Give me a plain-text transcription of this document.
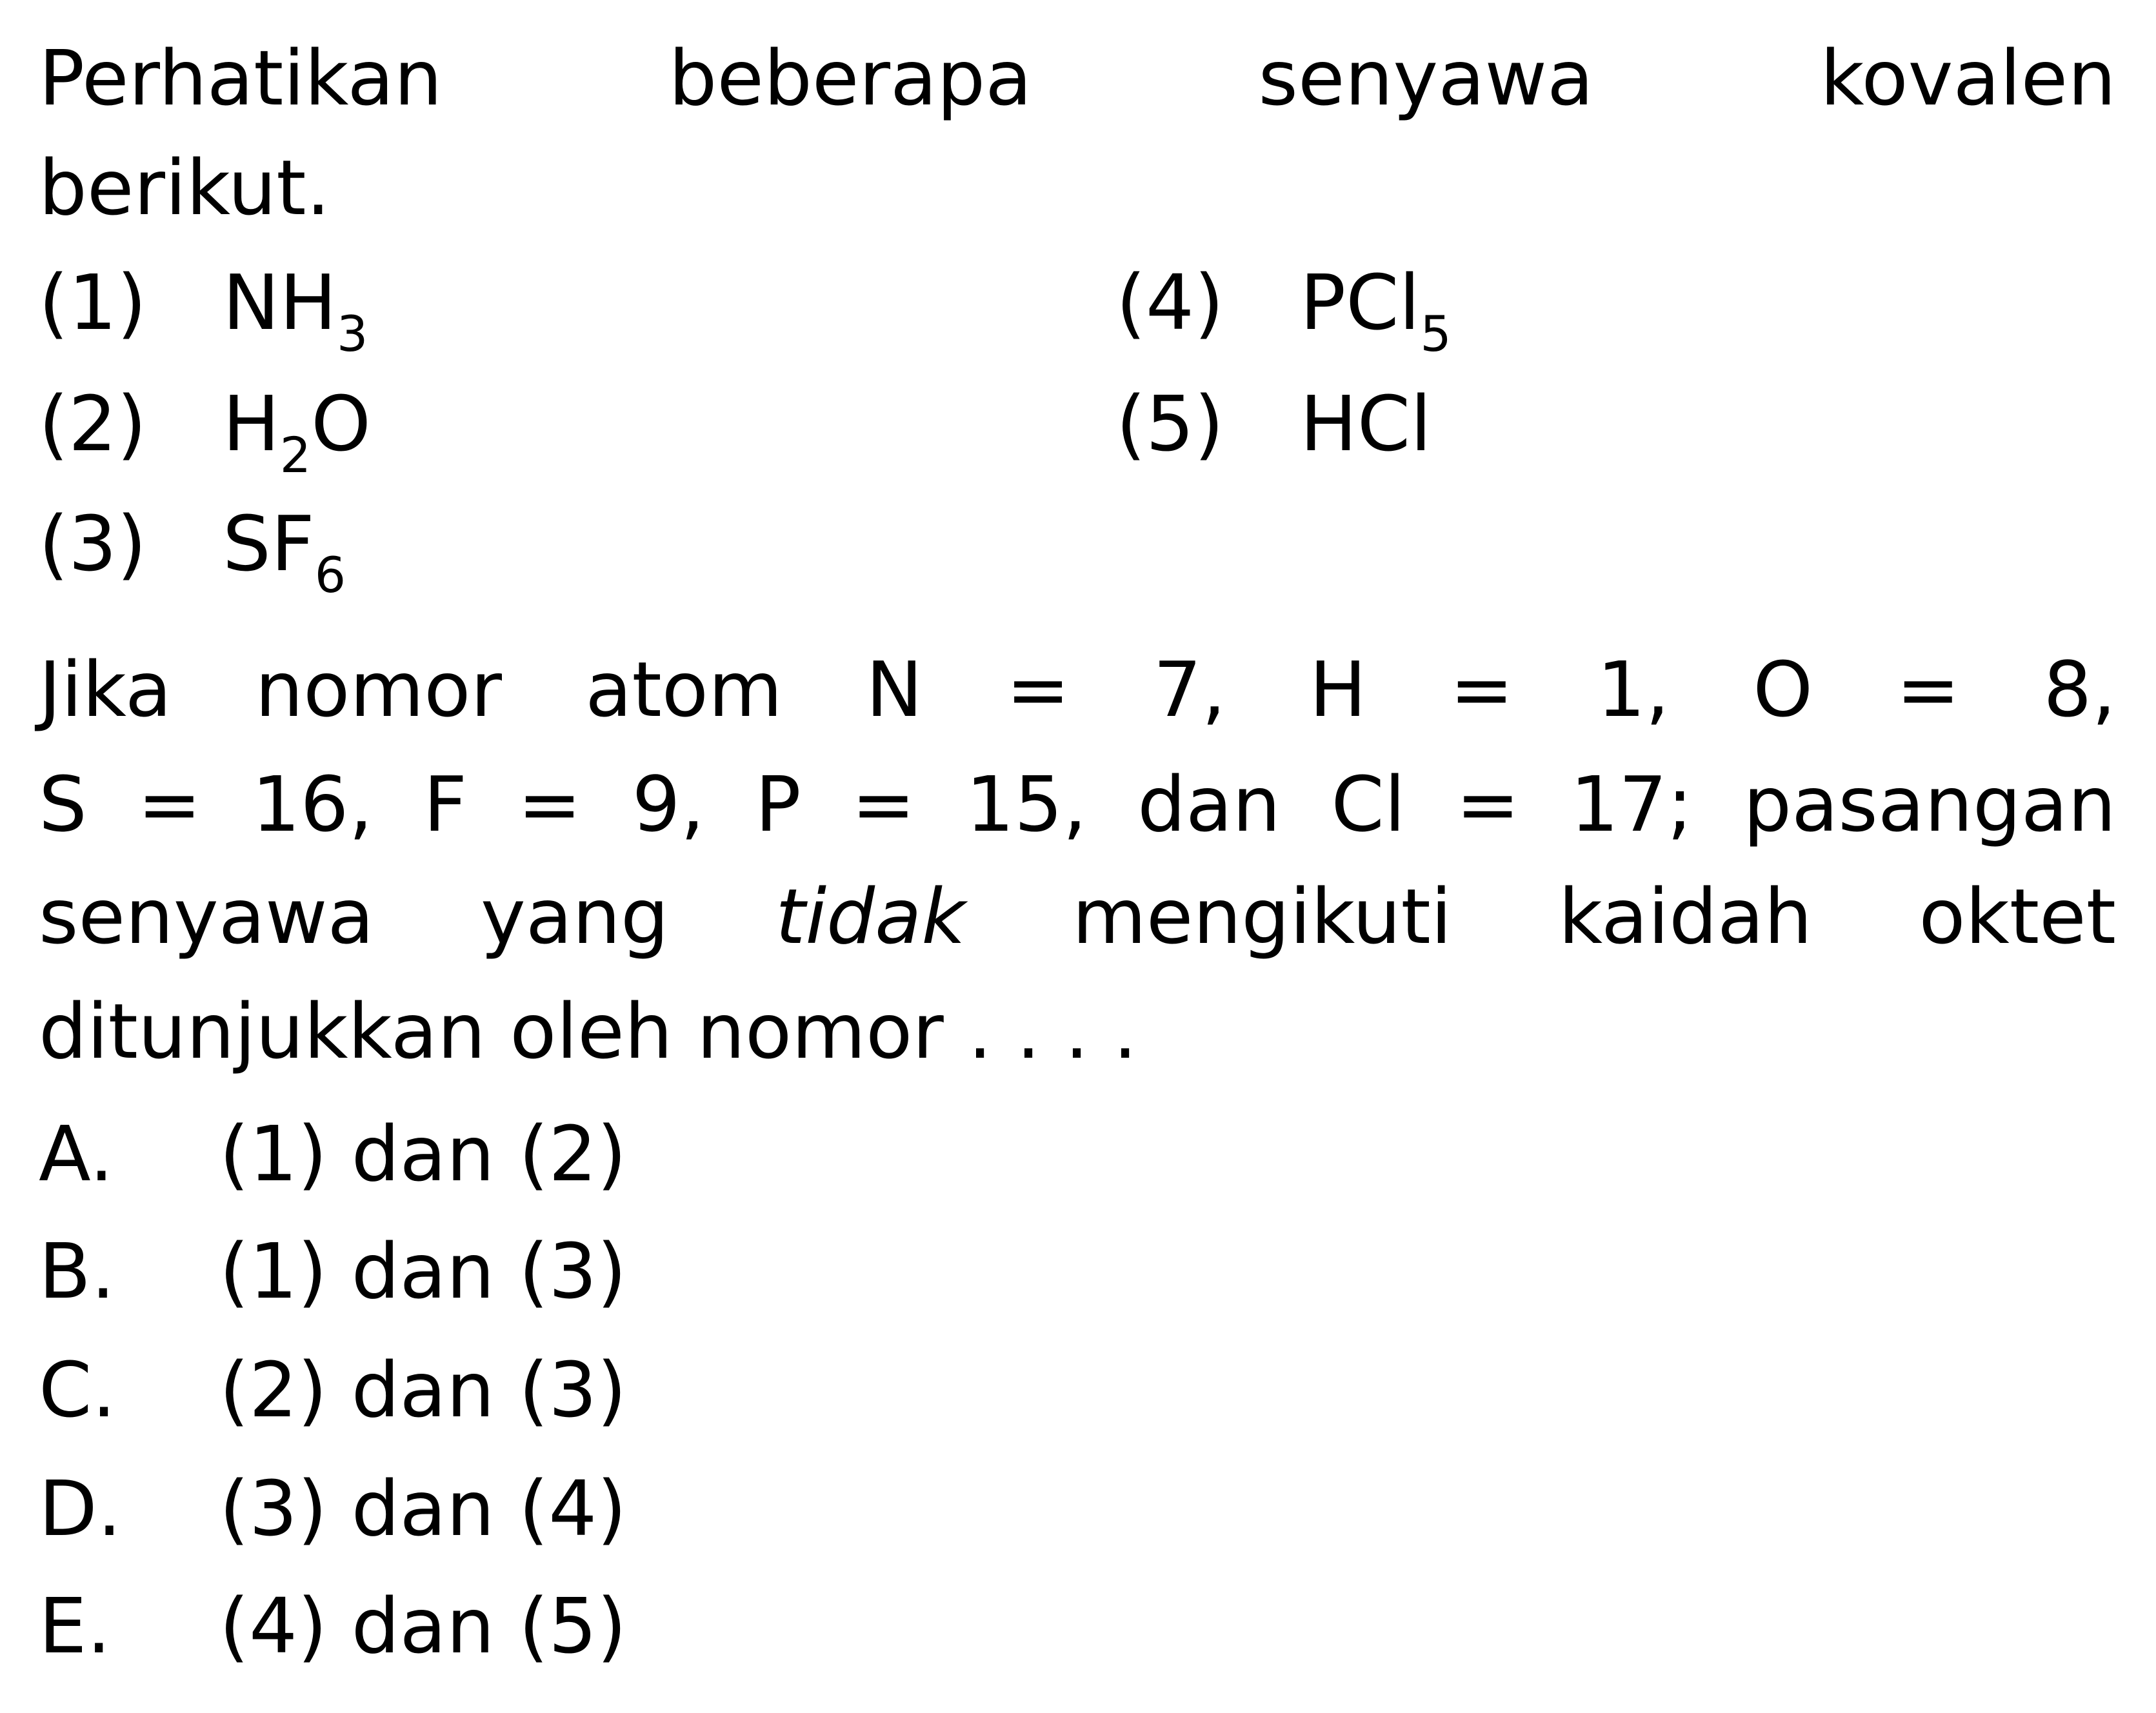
Perhatikan beberapa senyawa kovalen
berikut.
(1) $NH_3$
(2) $H_2O$
(3) $SF_6$
(4) PCl$_5$
(5) HCl
Jika nomor atom N = 7, H = 1, O = 8,
S = 16, F = 9, P = 15, dan Cl = 17; pasangan
senyawa yang tidak mengikuti kaidah oktet
ditunjukkan oleh nomor . . . .
A. (1) dan (2)
B. (1) dan (3)
C. (2) dan (3)
D. (3) dan (4)
E. (4) dan (5)
